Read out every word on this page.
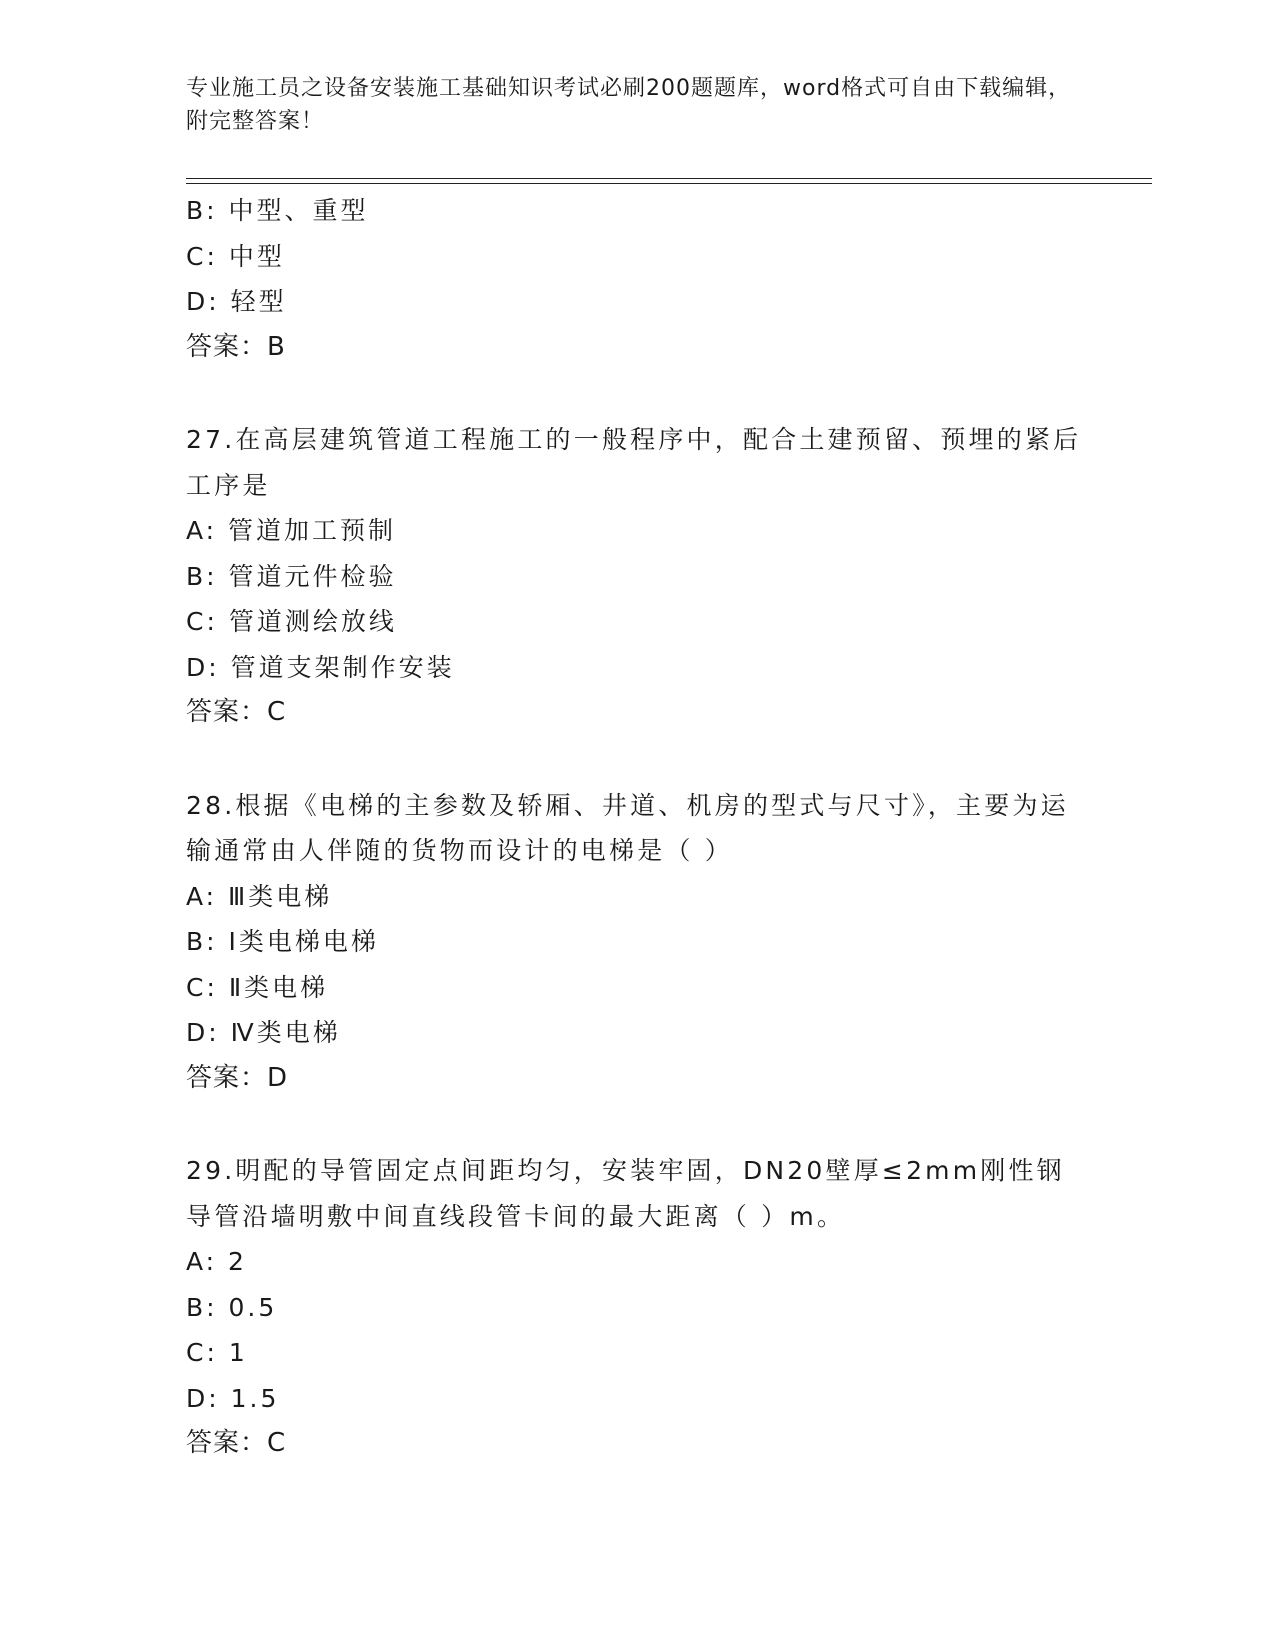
专业施工员之设备安装施工基础知识考试必刷200题题库，word格式可自由下载编辑，附完整答案！
B: 中型、重型
C: 中型
D: 轻型
答案：B
27.在高层建筑管道工程施工的一般程序中，配合土建预留、预埋的紧后工序是
A: 管道加工预制
B: 管道元件检验
C: 管道测绘放线
D: 管道支架制作安装
答案：C
28.根据《电梯的主参数及轿厢、井道、机房的型式与尺寸》，主要为运输通常由人伴随的货物而设计的电梯是（ ）
A: Ⅲ类电梯
B: Ⅰ类电梯电梯
C: Ⅱ类电梯
D: Ⅳ类电梯
答案：D
29.明配的导管固定点间距均匀，安装牢固，DN20壁厚≤2mm刚性钢导管沿墙明敷中间直线段管卡间的最大距离（ ）m。
A: 2
B: 0.5
C: 1
D: 1.5
答案：C
